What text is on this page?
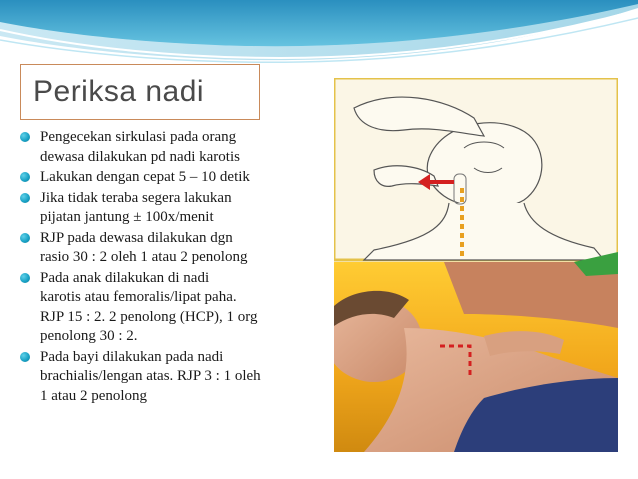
Periksa nadi
Pengecekan sirkulasi pada orang
dewasa dilakukan pd nadi karotis
Lakukan dengan cepat 5 – 10 detik
Jika tidak teraba segera lakukan
pijatan jantung ± 100x/menit
RJP pada dewasa dilakukan dgn
rasio 30 : 2 oleh 1 atau 2 penolong
Pada anak dilakukan di nadi
karotis atau femoralis/lipat paha.
RJP 15 : 2. 2 penolong (HCP), 1 org
penolong 30 : 2.
Pada bayi dilakukan pada nadi
brachialis/lengan atas. RJP 3 : 1 oleh
1 atau 2 penolong
